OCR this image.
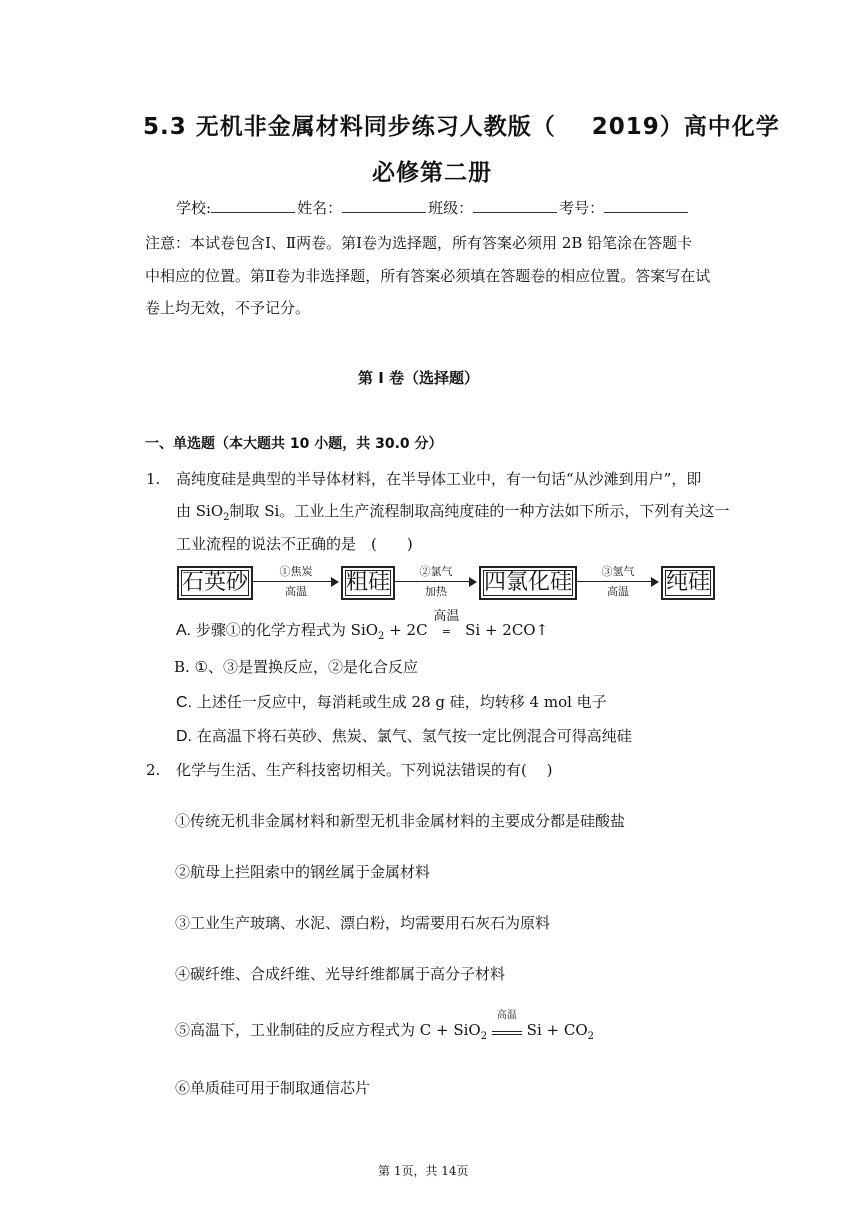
5.3 无机非金属材料同步练习人教版（ 2019）高中化学
必修第二册
学校:	姓名：	班级：	考号：
注意：本试卷包含Ⅰ、Ⅱ两卷。第Ⅰ卷为选择题，所有答案必须用 2B 铅笔涂在答题卡
中相应的位置。第Ⅱ卷为非选择题，所有答案必须填在答题卷的相应位置。答案写在试
卷上均无效，不予记分。
第 I 卷（选择题）
一、单选题（本大题共 10 小题，共 30.0 分）
1. 高纯度硅是典型的半导体材料，在半导体工业中，有一句话“从沙滩到用户”，即
由 SiO$_2$制取 Si。工业上生产流程制取高纯度硅的一种方法如下所示，下列有关这一
工业流程的说法不正确的是　(　　)
石英砂	①焦炭
高温	粗硅	②氯气
加热	四氯化硅	③氢气
高温	纯硅
A. 步骤①的化学方程式为 SiO$_2$ + 2C
高温
= Si + 2CO↑
B. ①、③是置换反应，②是化合反应
C. 上述任一反应中，每消耗或生成 28 g 硅，均转移 4 mol 电子
D. 在高温下将石英砂、焦炭、氯气、氢气按一定比例混合可得高纯硅
2. 化学与生活、生产科技密切相关。下列说法错误的有(　 )
①传统无机非金属材料和新型无机非金属材料的主要成分都是硅酸盐
②航母上拦阻索中的钢丝属于金属材料
③工业生产玻璃、水泥、漂白粉，均需要用石灰石为原料
④碳纤维、合成纤维、光导纤维都属于高分子材料
⑤高温下，工业制硅的反应方程式为 C + SiO$_2$
高温
$Si + CO_2$
⑥单质硅可用于制取通信芯片
第 1页，共 14页
